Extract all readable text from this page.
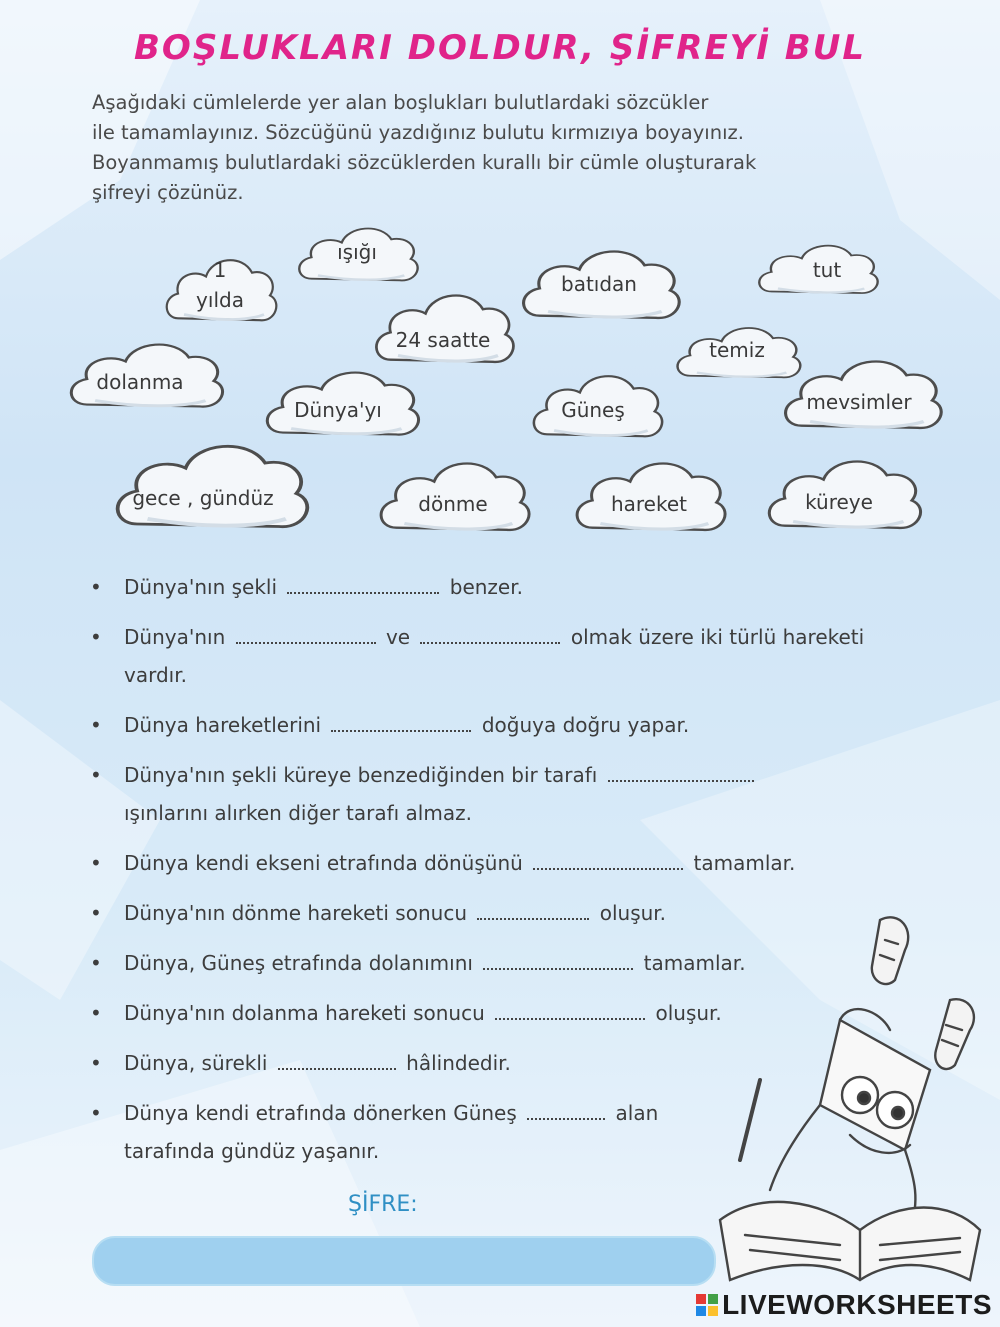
BOŞLUKLARI DOLDUR, ŞİFREYİ BUL

Aşağıdaki cümlelerde yer alan boşlukları bulutlardaki sözcükler

ile tamamlayınız. Sözcüğünü yazdığınız bulutu kırmızıya boyayınız.

Boyanmamış bulutlardaki sözcüklerden kurallı bir cümle oluşturarak

şifreyi çözünüz.

1
yılda
ışığı
24 saatte
batıdan
tut
temiz
dolanma
Dünya'yı	Güneş	mevsimler
gece , gündüz	dönme	hareket	küreye
• Dünya'nın şekli	benzer.
• Dünya'nın	ve	olmak üzere iki türlü hareketi
vardır.
• Dünya hareketlerini	doğuya doğru yapar.
• Dünya'nın şekli küreye benzediğinden bir tarafı
ışınlarını alırken diğer tarafı almaz.
• Dünya kendi ekseni etrafında dönüşünü	tamamlar.
• Dünya'nın dönme hareketi sonucu	oluşur.
• Dünya, Güneş etrafında dolanımını	tamamlar.
• Dünya'nın dolanma hareketi sonucu	oluşur.
• Dünya, sürekli	hâlindedir.
• Dünya kendi etrafında dönerken Güneş	alan
tarafında gündüz yaşanır.
ŞİFRE:
LIVEWORKSHEETS
